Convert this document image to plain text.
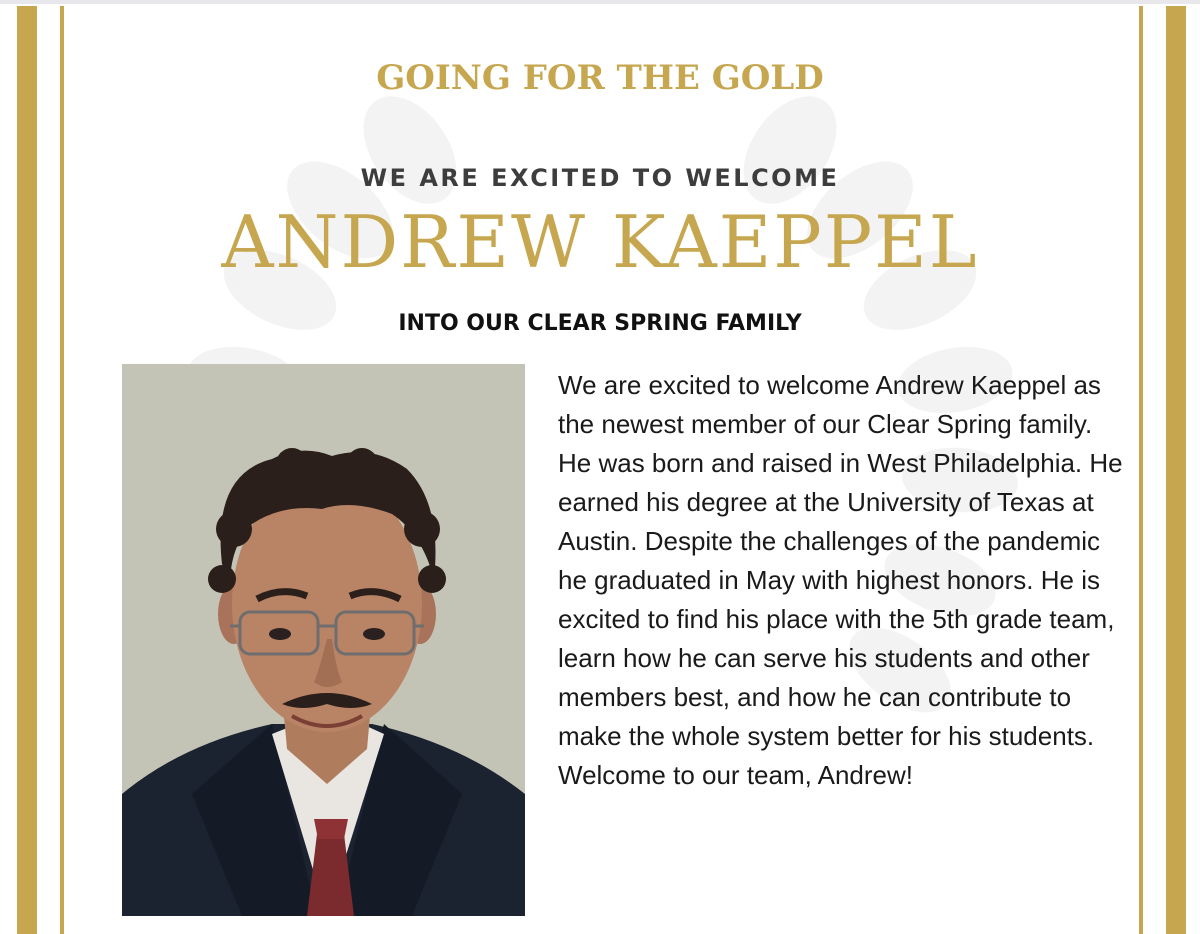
GOING FOR THE GOLD
WE ARE EXCITED TO WELCOME
ANDREW KAEPPEL
INTO OUR CLEAR SPRING FAMILY

We are excited to welcome Andrew Kaeppel as the newest member of our Clear Spring family. He was born and raised in West Philadelphia. He earned his degree at the University of Texas at Austin. Despite the challenges of the pandemic he graduated in May with highest honors. He is excited to find his place with the 5th grade team, learn how he can serve his students and other members best, and how he can contribute to make the whole system better for his students. Welcome to our team, Andrew!
